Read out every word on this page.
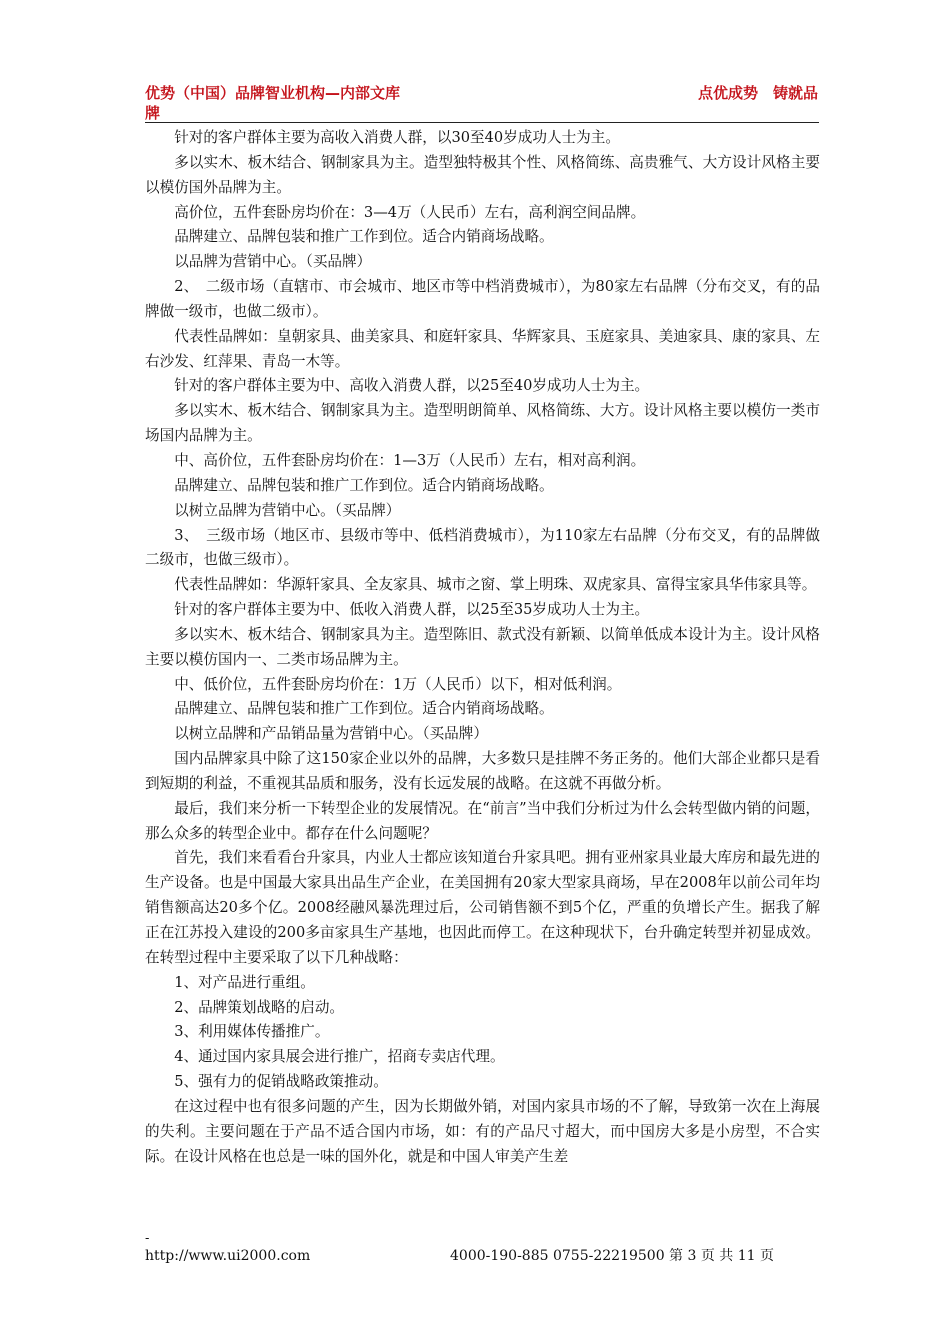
优势（中国）品牌智业机构—内部文库	点优成势　铸就品
牌

针对的客户群体主要为高收入消费人群，以30至40岁成功人士为主。

多以实木、板木结合、钢制家具为主。造型独特极其个性、风格简练、高贵雅气、大方设计风格主要以模仿国外品牌为主。

高价位，五件套卧房均价在：3—4万（人民币）左右，高利润空间品牌。

品牌建立、品牌包装和推广工作到位。适合内销商场战略。

以品牌为营销中心。（买品牌）

2、　二级市场（直辖市、市会城市、地区市等中档消费城市），为80家左右品牌（分布交叉，有的品牌做一级市，也做二级市）。

代表性品牌如：皇朝家具、曲美家具、和庭轩家具、华辉家具、玉庭家具、美迪家具、康的家具、左右沙发、红萍果、青岛一木等。

针对的客户群体主要为中、高收入消费人群，以25至40岁成功人士为主。

多以实木、板木结合、钢制家具为主。造型明朗简单、风格简练、大方。设计风格主要以模仿一类市场国内品牌为主。

中、高价位，五件套卧房均价在：1—3万（人民币）左右，相对高利润。

品牌建立、品牌包装和推广工作到位。适合内销商场战略。

以树立品牌为营销中心。（买品牌）

3、　三级市场（地区市、县级市等中、低档消费城市），为110家左右品牌（分布交叉，有的品牌做二级市，也做三级市）。

代表性品牌如：华源轩家具、全友家具、城市之窗、掌上明珠、双虎家具、富得宝家具华伟家具等。

针对的客户群体主要为中、低收入消费人群，以25至35岁成功人士为主。

多以实木、板木结合、钢制家具为主。造型陈旧、款式没有新颖、以简单低成本设计为主。设计风格主要以模仿国内一、二类市场品牌为主。

中、低价位，五件套卧房均价在：1万（人民币）以下，相对低利润。

品牌建立、品牌包装和推广工作到位。适合内销商场战略。

以树立品牌和产品销品量为营销中心。（买品牌）

国内品牌家具中除了这150家企业以外的品牌，大多数只是挂牌不务正务的。他们大部企业都只是看到短期的利益，不重视其品质和服务，没有长远发展的战略。在这就不再做分析。

最后，我们来分析一下转型企业的发展情况。在“前言”当中我们分析过为什么会转型做内销的问题，那么众多的转型企业中。都存在什么问题呢？

首先，我们来看看台升家具，内业人士都应该知道台升家具吧。拥有亚州家具业最大库房和最先进的生产设备。也是中国最大家具出品生产企业，在美国拥有20家大型家具商场，早在2008年以前公司年均销售额高达20多个亿。2008经融风暴洗理过后，公司销售额不到5个亿，严重的负增长产生。据我了解正在江苏投入建设的200多亩家具生产基地，也因此而停工。在这种现状下，台升确定转型并初显成效。在转型过程中主要采取了以下几种战略：

1、对产品进行重组。

2、品牌策划战略的启动。

3、利用媒体传播推广。

4、通过国内家具展会进行推广，招商专卖店代理。

5、强有力的促销战略政策推动。

在这过程中也有很多问题的产生，因为长期做外销，对国内家具市场的不了解，导致第一次在上海展的失利。主要问题在于产品不适合国内市场，如：有的产品尺寸超大，而中国房大多是小房型，不合实际。在设计风格在也总是一味的国外化，就是和中国人审美产生差

-
http://www.ui2000.com	4000-190-885 0755-22219500 第 3 页 共 11 页
